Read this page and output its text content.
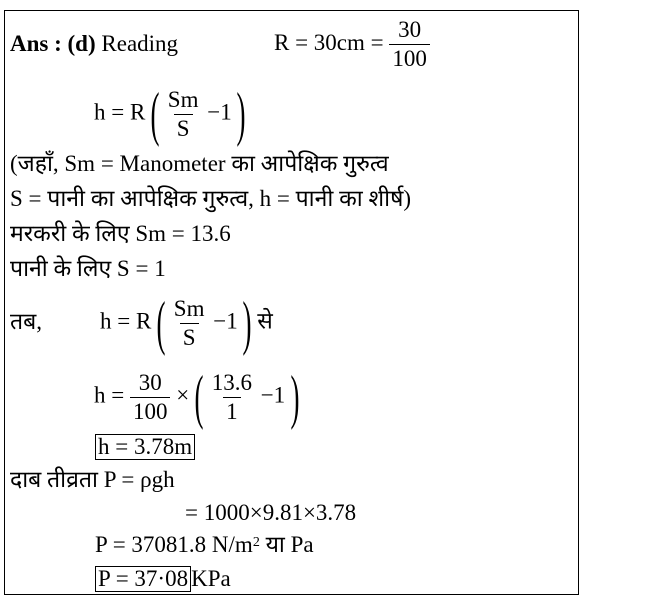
Ans : (d) Reading	$R = 30cm = \frac{30}{100}$
h = R ( $\frac{Sm}{S} -1$ )
(जहाँ, Sm = Manometer का आपेक्षिक गुरुत्व
S = पानी का आपेक्षिक गुरुत्व, h = पानी का शीर्ष)
मरकरी के लिए Sm = 13.6
पानी के लिए S = 1
तब,	h = R ( $\frac{Sm}{S} -1$ ) से
$h = \frac{30}{100}$ × ( $\frac{13.6}{1} -1$ )
h = 3.78m
दाब तीव्रता P = ρgh
= 1000×9.81×3.78
P = 37081.8 $N/m^2$ या Pa
P = 37·08KPa
